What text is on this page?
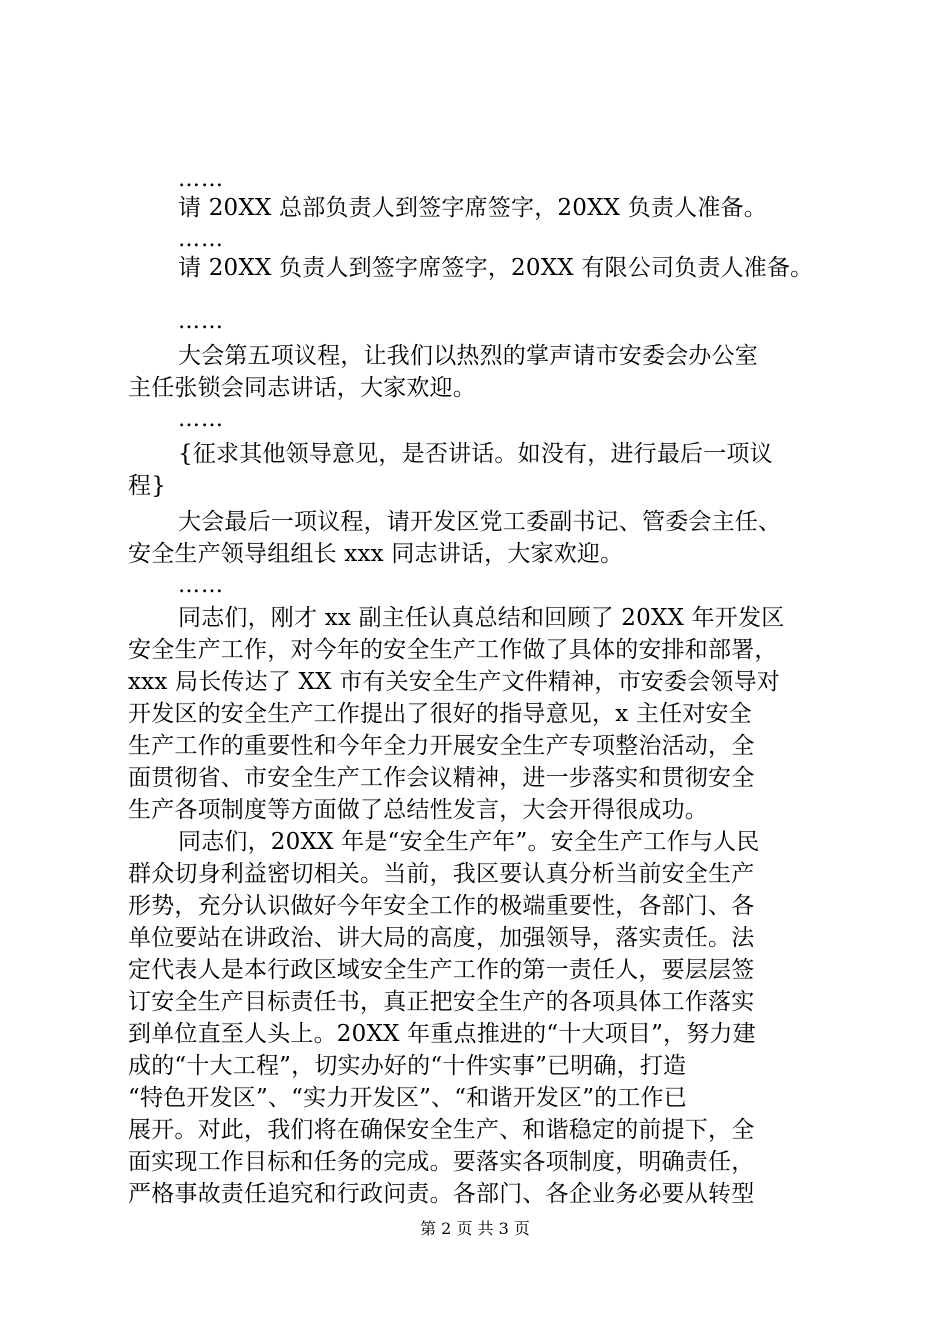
……
请 20XX 总部负责人到签字席签字，20XX 负责人准备。
……
请 20XX 负责人到签字席签字，20XX 有限公司负责人准备。
……
大会第五项议程，让我们以热烈的掌声请市安委会办公室
主任张锁会同志讲话，大家欢迎。
……
{征求其他领导意见，是否讲话。如没有，进行最后一项议
程}
大会最后一项议程，请开发区党工委副书记、管委会主任、
安全生产领导组组长 xxx 同志讲话，大家欢迎。
……
同志们，刚才 xx 副主任认真总结和回顾了 20XX 年开发区
安全生产工作，对今年的安全生产工作做了具体的安排和部署，
xxx 局长传达了 XX 市有关安全生产文件精神，市安委会领导对
开发区的安全生产工作提出了很好的指导意见，x 主任对安全
生产工作的重要性和今年全力开展安全生产专项整治活动，全
面贯彻省、市安全生产工作会议精神，进一步落实和贯彻安全
生产各项制度等方面做了总结性发言，大会开得很成功。
同志们，20XX 年是“安全生产年”。安全生产工作与人民
群众切身利益密切相关。当前，我区要认真分析当前安全生产
形势，充分认识做好今年安全工作的极端重要性，各部门、各
单位要站在讲政治、讲大局的高度，加强领导，落实责任。法
定代表人是本行政区域安全生产工作的第一责任人，要层层签
订安全生产目标责任书，真正把安全生产的各项具体工作落实
到单位直至人头上。20XX 年重点推进的“十大项目”，努力建
成的“十大工程”，切实办好的“十件实事”已明确，打造
“特色开发区”、“实力开发区”、“和谐开发区”的工作已
展开。对此，我们将在确保安全生产、和谐稳定的前提下，全
面实现工作目标和任务的完成。要落实各项制度，明确责任，
严格事故责任追究和行政问责。各部门、各企业务必要从转型
第 2 页 共 3 页
